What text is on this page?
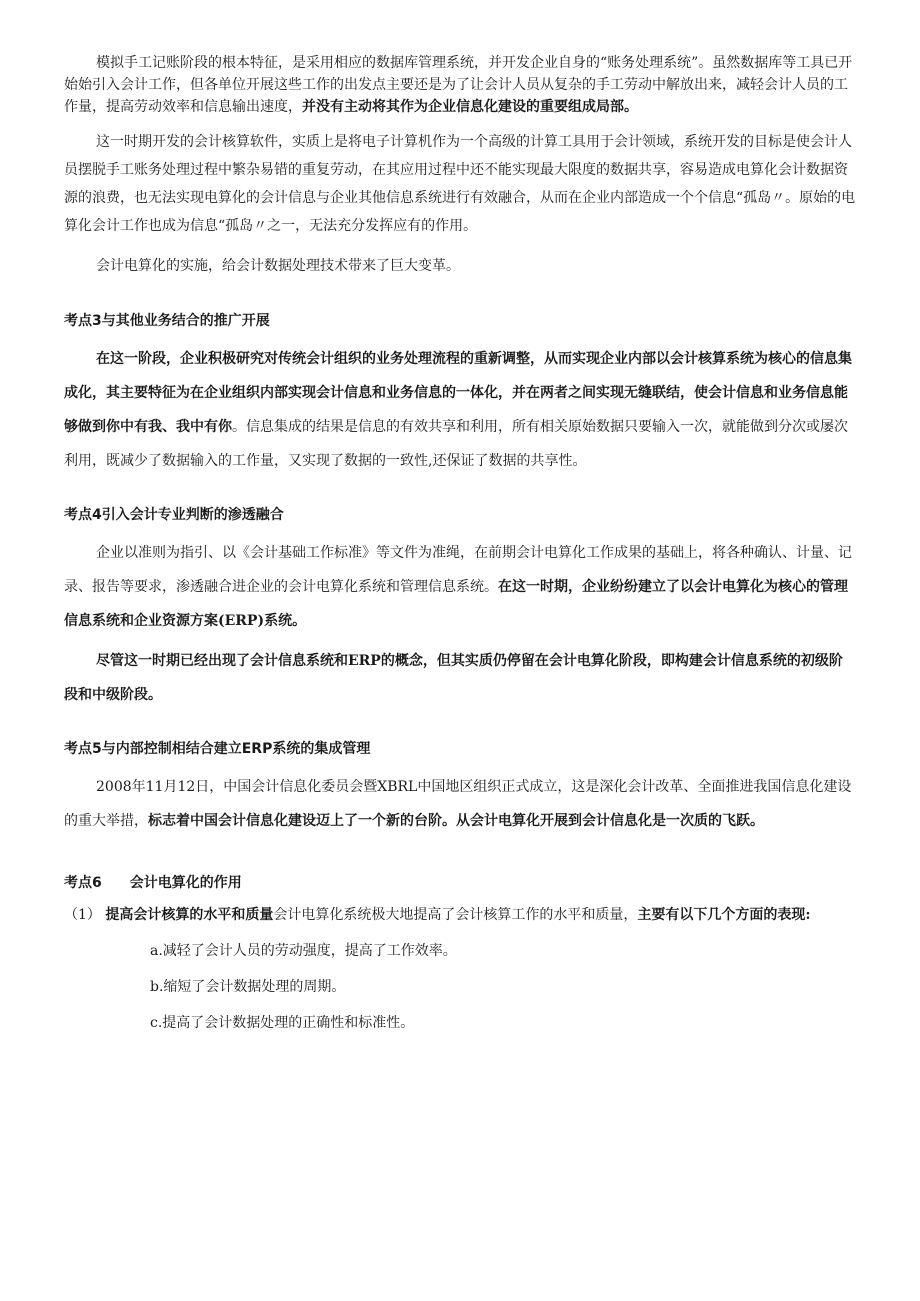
模拟手工记账阶段的根本特征，是采用相应的数据库管理系统，并开发企业自身的“账务处理系统”。虽然数据库等工具已开始始引入会计工作，但各单位开展这些工作的出发点主要还是为了让会计人员从复杂的手工劳动中解放出来，减轻会计人员的工作量，提高劳动效率和信息输出速度，并没有主动将其作为企业信息化建设的重要组成局部。

这一时期开发的会计核算软件，实质上是将电子计算机作为一个高级的计算工具用于会计领域，系统开发的目标是使会计人员摆脱手工账务处理过程中繁杂易错的重复劳动，在其应用过程中还不能实现最大限度的数据共享，容易造成电算化会计数据资源的浪费，也无法实现电算化的会计信息与企业其他信息系统进行有效融合，从而在企业内部造成一个个信息“孤岛〃。原始的电算化会计工作也成为信息“孤岛〃之一，无法充分发挥应有的作用。

会计电算化的实施，给会计数据处理技术带来了巨大变革。

考点3与其他业务结合的推广开展

在这一阶段，企业积极研究对传统会计组织的业务处理流程的重新调整，从而实现企业内部以会计核算系统为核心的信息集成化，其主要特征为在企业组织内部实现会计信息和业务信息的一体化，并在两者之间实现无缝联结，使会计信息和业务信息能够做到你中有我、我中有你。信息集成的结果是信息的有效共享和利用，所有相关原始数据只要输入一次，就能做到分次或屡次利用，既减少了数据输入的工作量，又实现了数据的一致性,还保证了数据的共享性。

考点4引入会计专业判断的渗透融合

企业以准则为指引、以《会计基础工作标准》等文件为准绳，在前期会计电算化工作成果的基础上，将各种确认、计量、记录、报告等要求，渗透融合进企业的会计电算化系统和管理信息系统。在这一时期，企业纷纷建立了以会计电算化为核心的管理信息系统和企业资源方案(ERP)系统。

尽管这一时期已经出现了会计信息系统和ERP的概念，但其实质仍停留在会计电算化阶段，即构建会计信息系统的初级阶段和中级阶段。

考点5与内部控制相结合建立ERP系统的集成管理

2008年11月12日，中国会计信息化委员会暨XBRL中国地区组织正式成立，这是深化会计改革、全面推进我国信息化建设的重大举措，标志着中国会计信息化建设迈上了一个新的台阶。从会计电算化开展到会计信息化是一次质的飞跃。

考点6 会计电算化的作用

（1） 提高会计核算的水平和质量会计电算化系统极大地提高了会计核算工作的水平和质量，主要有以下几个方面的表现:

a.减轻了会计人员的劳动强度，提高了工作效率。

b.缩短了会计数据处理的周期。

c.提高了会计数据处理的正确性和标准性。
